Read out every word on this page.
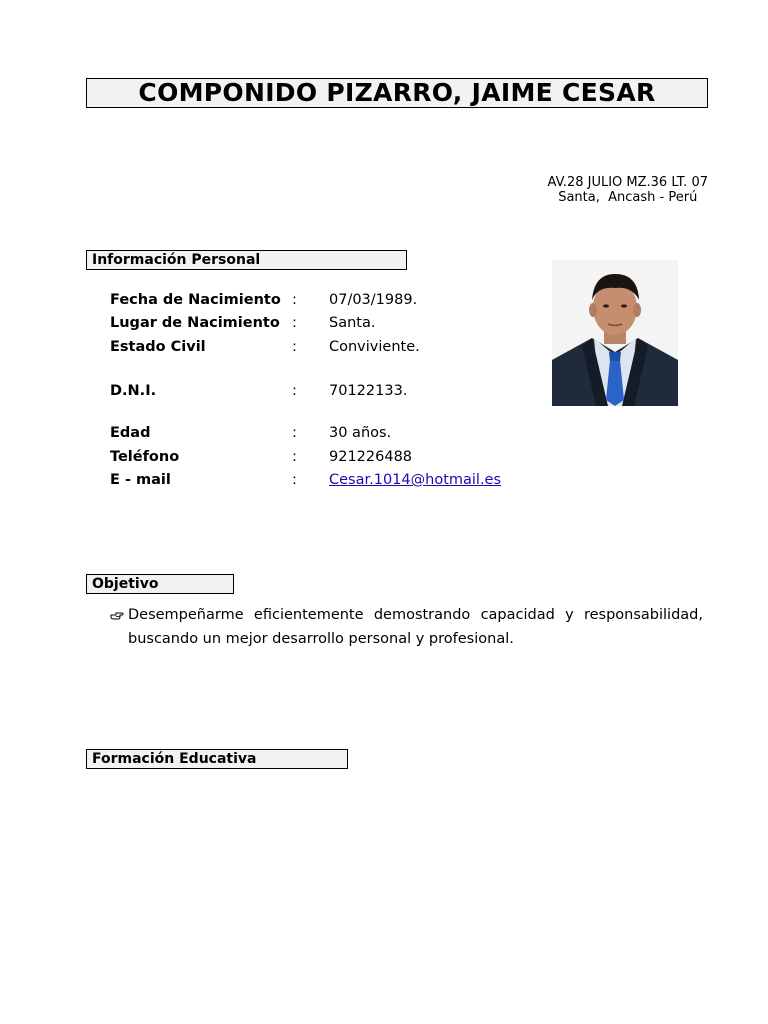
COMPONIDO PIZARRO, JAIME CESAR
AV.28 JULIO MZ.36 LT. 07
Santa,  Ancash - Perú
Información Personal
Fecha de Nacimiento : 07/03/1989.
Lugar de Nacimiento : Santa.
Estado Civil	: Conviviente.
D.N.I.	: 70122133.
Edad	: 30 años.
Teléfono	: 921226488
E - mail	: Cesar.1014@hotmail.es
Objetivo
Desempeñarme eficientemente demostrando capacidad y responsabilidad, buscando un mejor desarrollo personal y profesional.
Formación Educativa
